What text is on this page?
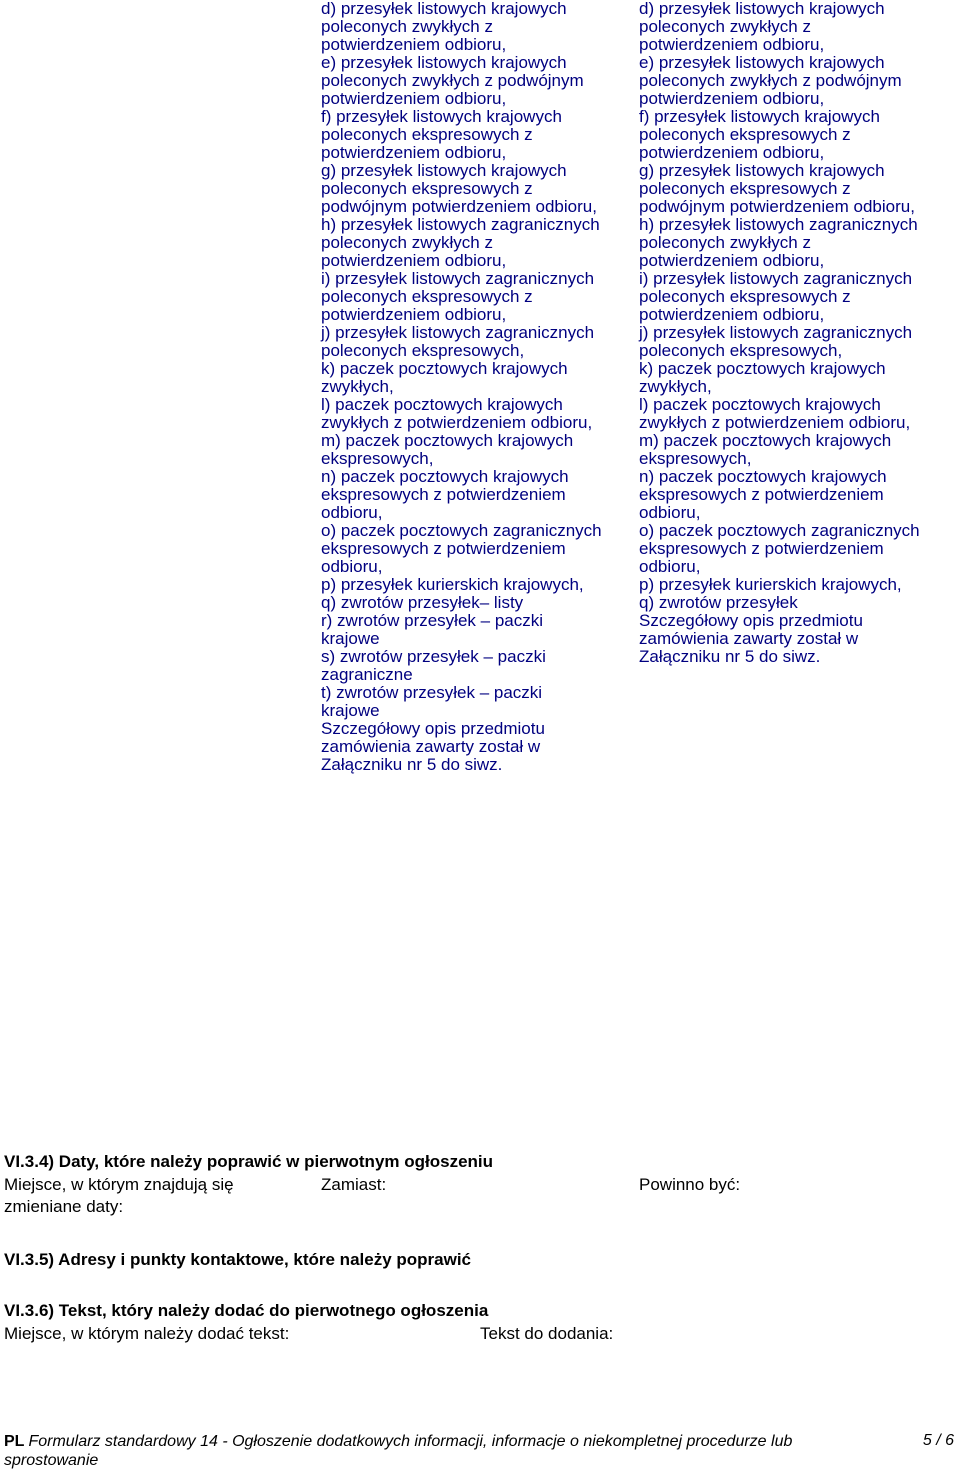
d) przesyłek listowych krajowych
poleconych zwykłych z
potwierdzeniem odbioru,
e) przesyłek listowych krajowych
poleconych zwykłych z podwójnym
potwierdzeniem odbioru,
f) przesyłek listowych krajowych
poleconych ekspresowych z
potwierdzeniem odbioru,
g) przesyłek listowych krajowych
poleconych ekspresowych z
podwójnym potwierdzeniem odbioru,
h) przesyłek listowych zagranicznych
poleconych zwykłych z
potwierdzeniem odbioru,
i) przesyłek listowych zagranicznych
poleconych ekspresowych z
potwierdzeniem odbioru,
j) przesyłek listowych zagranicznych
poleconych ekspresowych,
k) paczek pocztowych krajowych
zwykłych,
l) paczek pocztowych krajowych
zwykłych z potwierdzeniem odbioru,
m) paczek pocztowych krajowych
ekspresowych,
n) paczek pocztowych krajowych
ekspresowych z potwierdzeniem
odbioru,
o) paczek pocztowych zagranicznych
ekspresowych z potwierdzeniem
odbioru,
p) przesyłek kurierskich krajowych,
q) zwrotów przesyłek– listy
r) zwrotów przesyłek – paczki
krajowe
s) zwrotów przesyłek – paczki
zagraniczne
t) zwrotów przesyłek – paczki
krajowe
Szczegółowy opis przedmiotu
zamówienia zawarty został w
Załączniku nr 5 do siwz.
d) przesyłek listowych krajowych
poleconych zwykłych z
potwierdzeniem odbioru,
e) przesyłek listowych krajowych
poleconych zwykłych z podwójnym
potwierdzeniem odbioru,
f) przesyłek listowych krajowych
poleconych ekspresowych z
potwierdzeniem odbioru,
g) przesyłek listowych krajowych
poleconych ekspresowych z
podwójnym potwierdzeniem odbioru,
h) przesyłek listowych zagranicznych
poleconych zwykłych z
potwierdzeniem odbioru,
i) przesyłek listowych zagranicznych
poleconych ekspresowych z
potwierdzeniem odbioru,
j) przesyłek listowych zagranicznych
poleconych ekspresowych,
k) paczek pocztowych krajowych
zwykłych,
l) paczek pocztowych krajowych
zwykłych z potwierdzeniem odbioru,
m) paczek pocztowych krajowych
ekspresowych,
n) paczek pocztowych krajowych
ekspresowych z potwierdzeniem
odbioru,
o) paczek pocztowych zagranicznych
ekspresowych z potwierdzeniem
odbioru,
p) przesyłek kurierskich krajowych,
q) zwrotów przesyłek
Szczegółowy opis przedmiotu
zamówienia zawarty został w
Załączniku nr 5 do siwz.
VI.3.4) Daty, które należy poprawić w pierwotnym ogłoszeniu
Miejsce, w którym znajdują się
zmieniane daty:
Zamiast:	Powinno być:
VI.3.5) Adresy i punkty kontaktowe, które należy poprawić
VI.3.6) Tekst, który należy dodać do pierwotnego ogłoszenia
Miejsce, w którym należy dodać tekst:	Tekst do dodania:
PL Formularz standardowy 14 - Ogłoszenie dodatkowych informacji, informacje o niekompletnej procedurze lub sprostowanie
5 / 6
